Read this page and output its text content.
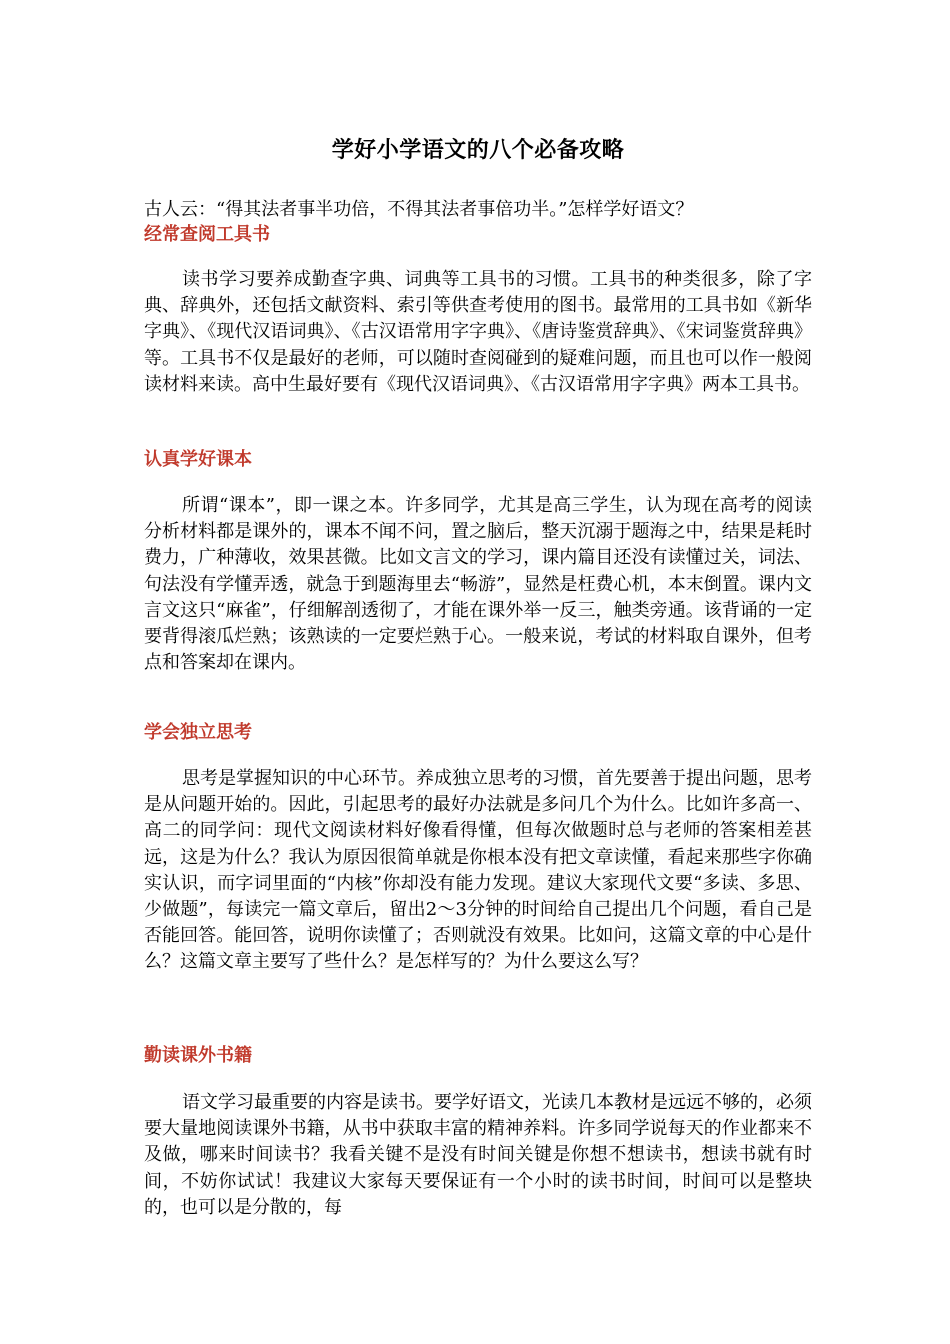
学好小学语文的八个必备攻略
古人云：“得其法者事半功倍，不得其法者事倍功半。”怎样学好语文？
经常查阅工具书
读书学习要养成勤查字典、词典等工具书的习惯。工具书的种类很多，除了字典、辞典外，还包括文献资料、索引等供查考使用的图书。最常用的工具书如《新华字典》、《现代汉语词典》、《古汉语常用字字典》、《唐诗鉴赏辞典》、《宋词鉴赏辞典》等。工具书不仅是最好的老师，可以随时查阅碰到的疑难问题，而且也可以作一般阅读材料来读。高中生最好要有《现代汉语词典》、《古汉语常用字字典》两本工具书。
认真学好课本
所谓“课本”，即一课之本。许多同学，尤其是高三学生，认为现在高考的阅读分析材料都是课外的，课本不闻不问，置之脑后，整天沉溺于题海之中，结果是耗时费力，广种薄收，效果甚微。比如文言文的学习，课内篇目还没有读懂过关，词法、句法没有学懂弄透，就急于到题海里去“畅游”，显然是枉费心机，本末倒置。课内文言文这只“麻雀”，仔细解剖透彻了，才能在课外举一反三，触类旁通。该背诵的一定要背得滚瓜烂熟；该熟读的一定要烂熟于心。一般来说，考试的材料取自课外，但考点和答案却在课内。
学会独立思考
思考是掌握知识的中心环节。养成独立思考的习惯，首先要善于提出问题，思考是从问题开始的。因此，引起思考的最好办法就是多问几个为什么。比如许多高一、高二的同学问：现代文阅读材料好像看得懂，但每次做题时总与老师的答案相差甚远，这是为什么？我认为原因很简单就是你根本没有把文章读懂，看起来那些字你确实认识，而字词里面的“内核”你却没有能力发现。建议大家现代文要“多读、多思、少做题”，每读完一篇文章后，留出2～3分钟的时间给自己提出几个问题，看自己是否能回答。能回答，说明你读懂了；否则就没有效果。比如问，这篇文章的中心是什么？这篇文章主要写了些什么？是怎样写的？为什么要这么写？
勤读课外书籍
语文学习最重要的内容是读书。要学好语文，光读几本教材是远远不够的，必须要大量地阅读课外书籍，从书中获取丰富的精神养料。许多同学说每天的作业都来不及做，哪来时间读书？我看关键不是没有时间关键是你想不想读书，想读书就有时间，不妨你试试！我建议大家每天要保证有一个小时的读书时间，时间可以是整块的，也可以是分散的，每
